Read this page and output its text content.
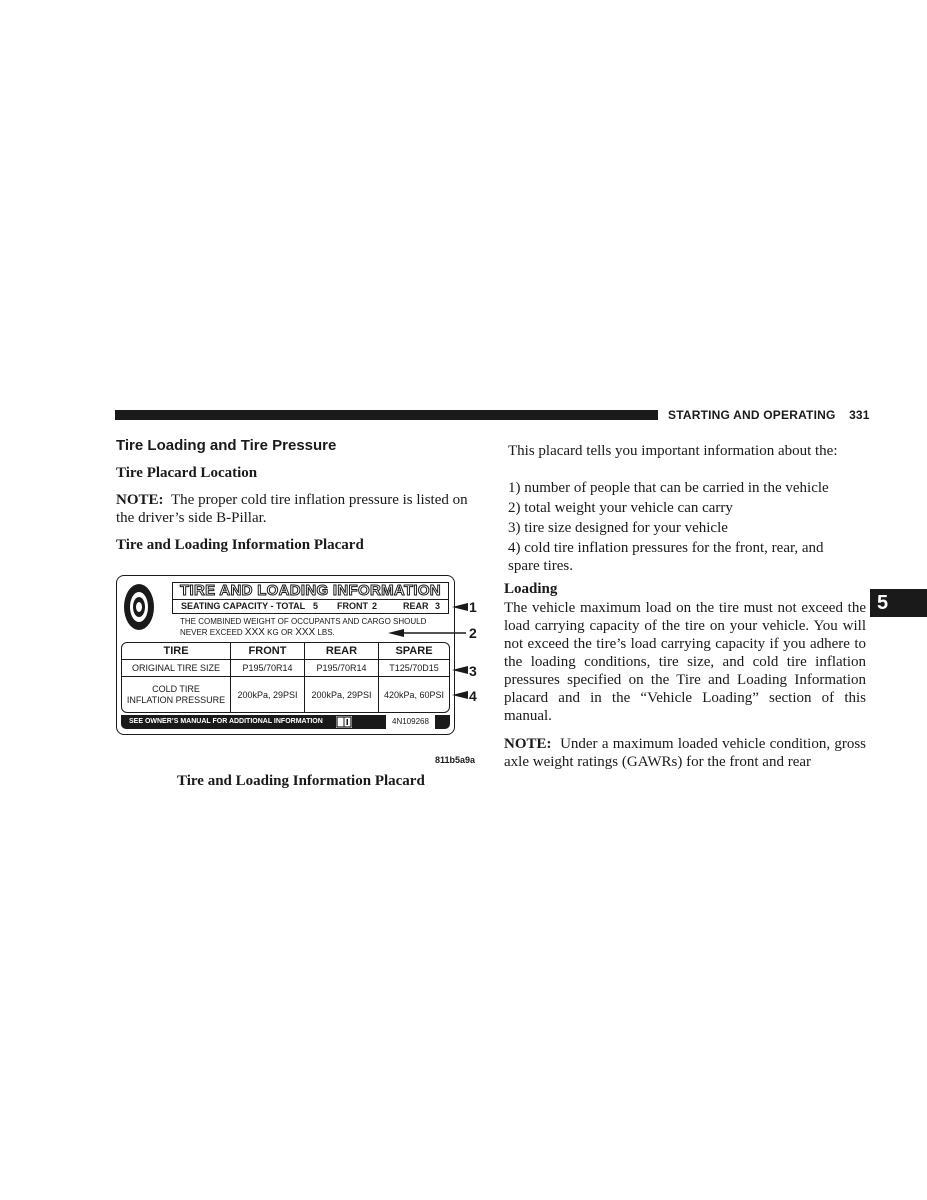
STARTING AND OPERATING 331
Tire Loading and Tire Pressure
Tire Placard Location
NOTE: The proper cold tire inflation pressure is listed on the driver’s side B-Pillar.
Tire and Loading Information Placard
TIRE AND LOADING INFORMATION
SEATING CAPACITY - TOTAL 5 FRONT 2	REAR 3
THE COMBINED WEIGHT OF OCCUPANTS AND CARGO SHOULD
NEVER EXCEED XXX KG OR XXX LBS.
TIRE	FRONT	REAR	SPARE
ORIGINAL TIRE SIZE	P195/70R14	P195/70R14	T125/70D15
COLD TIRE
INFLATION PRESSURE	200kPa, 29PSI	200kPa, 29PSI	420kPa, 60PSI
SEE OWNER’S MANUAL FOR ADDITIONAL INFORMATION	4N109268
1
2
3
4
811b5a9a
Tire and Loading Information Placard
This placard tells you important information about the:
1) number of people that can be carried in the vehicle
2) total weight your vehicle can carry
3) tire size designed for your vehicle
4) cold tire inflation pressures for the front, rear, and spare tires.
Loading
The vehicle maximum load on the tire must not exceed the load carrying capacity of the tire on your vehicle. You will not exceed the tire’s load carrying capacity if you adhere to the loading conditions, tire size, and cold tire inflation pressures specified on the Tire and Loading Information placard and in the “Vehicle Loading” section of this manual.
NOTE: Under a maximum loaded vehicle condition, gross axle weight ratings (GAWRs) for the front and rear
5
